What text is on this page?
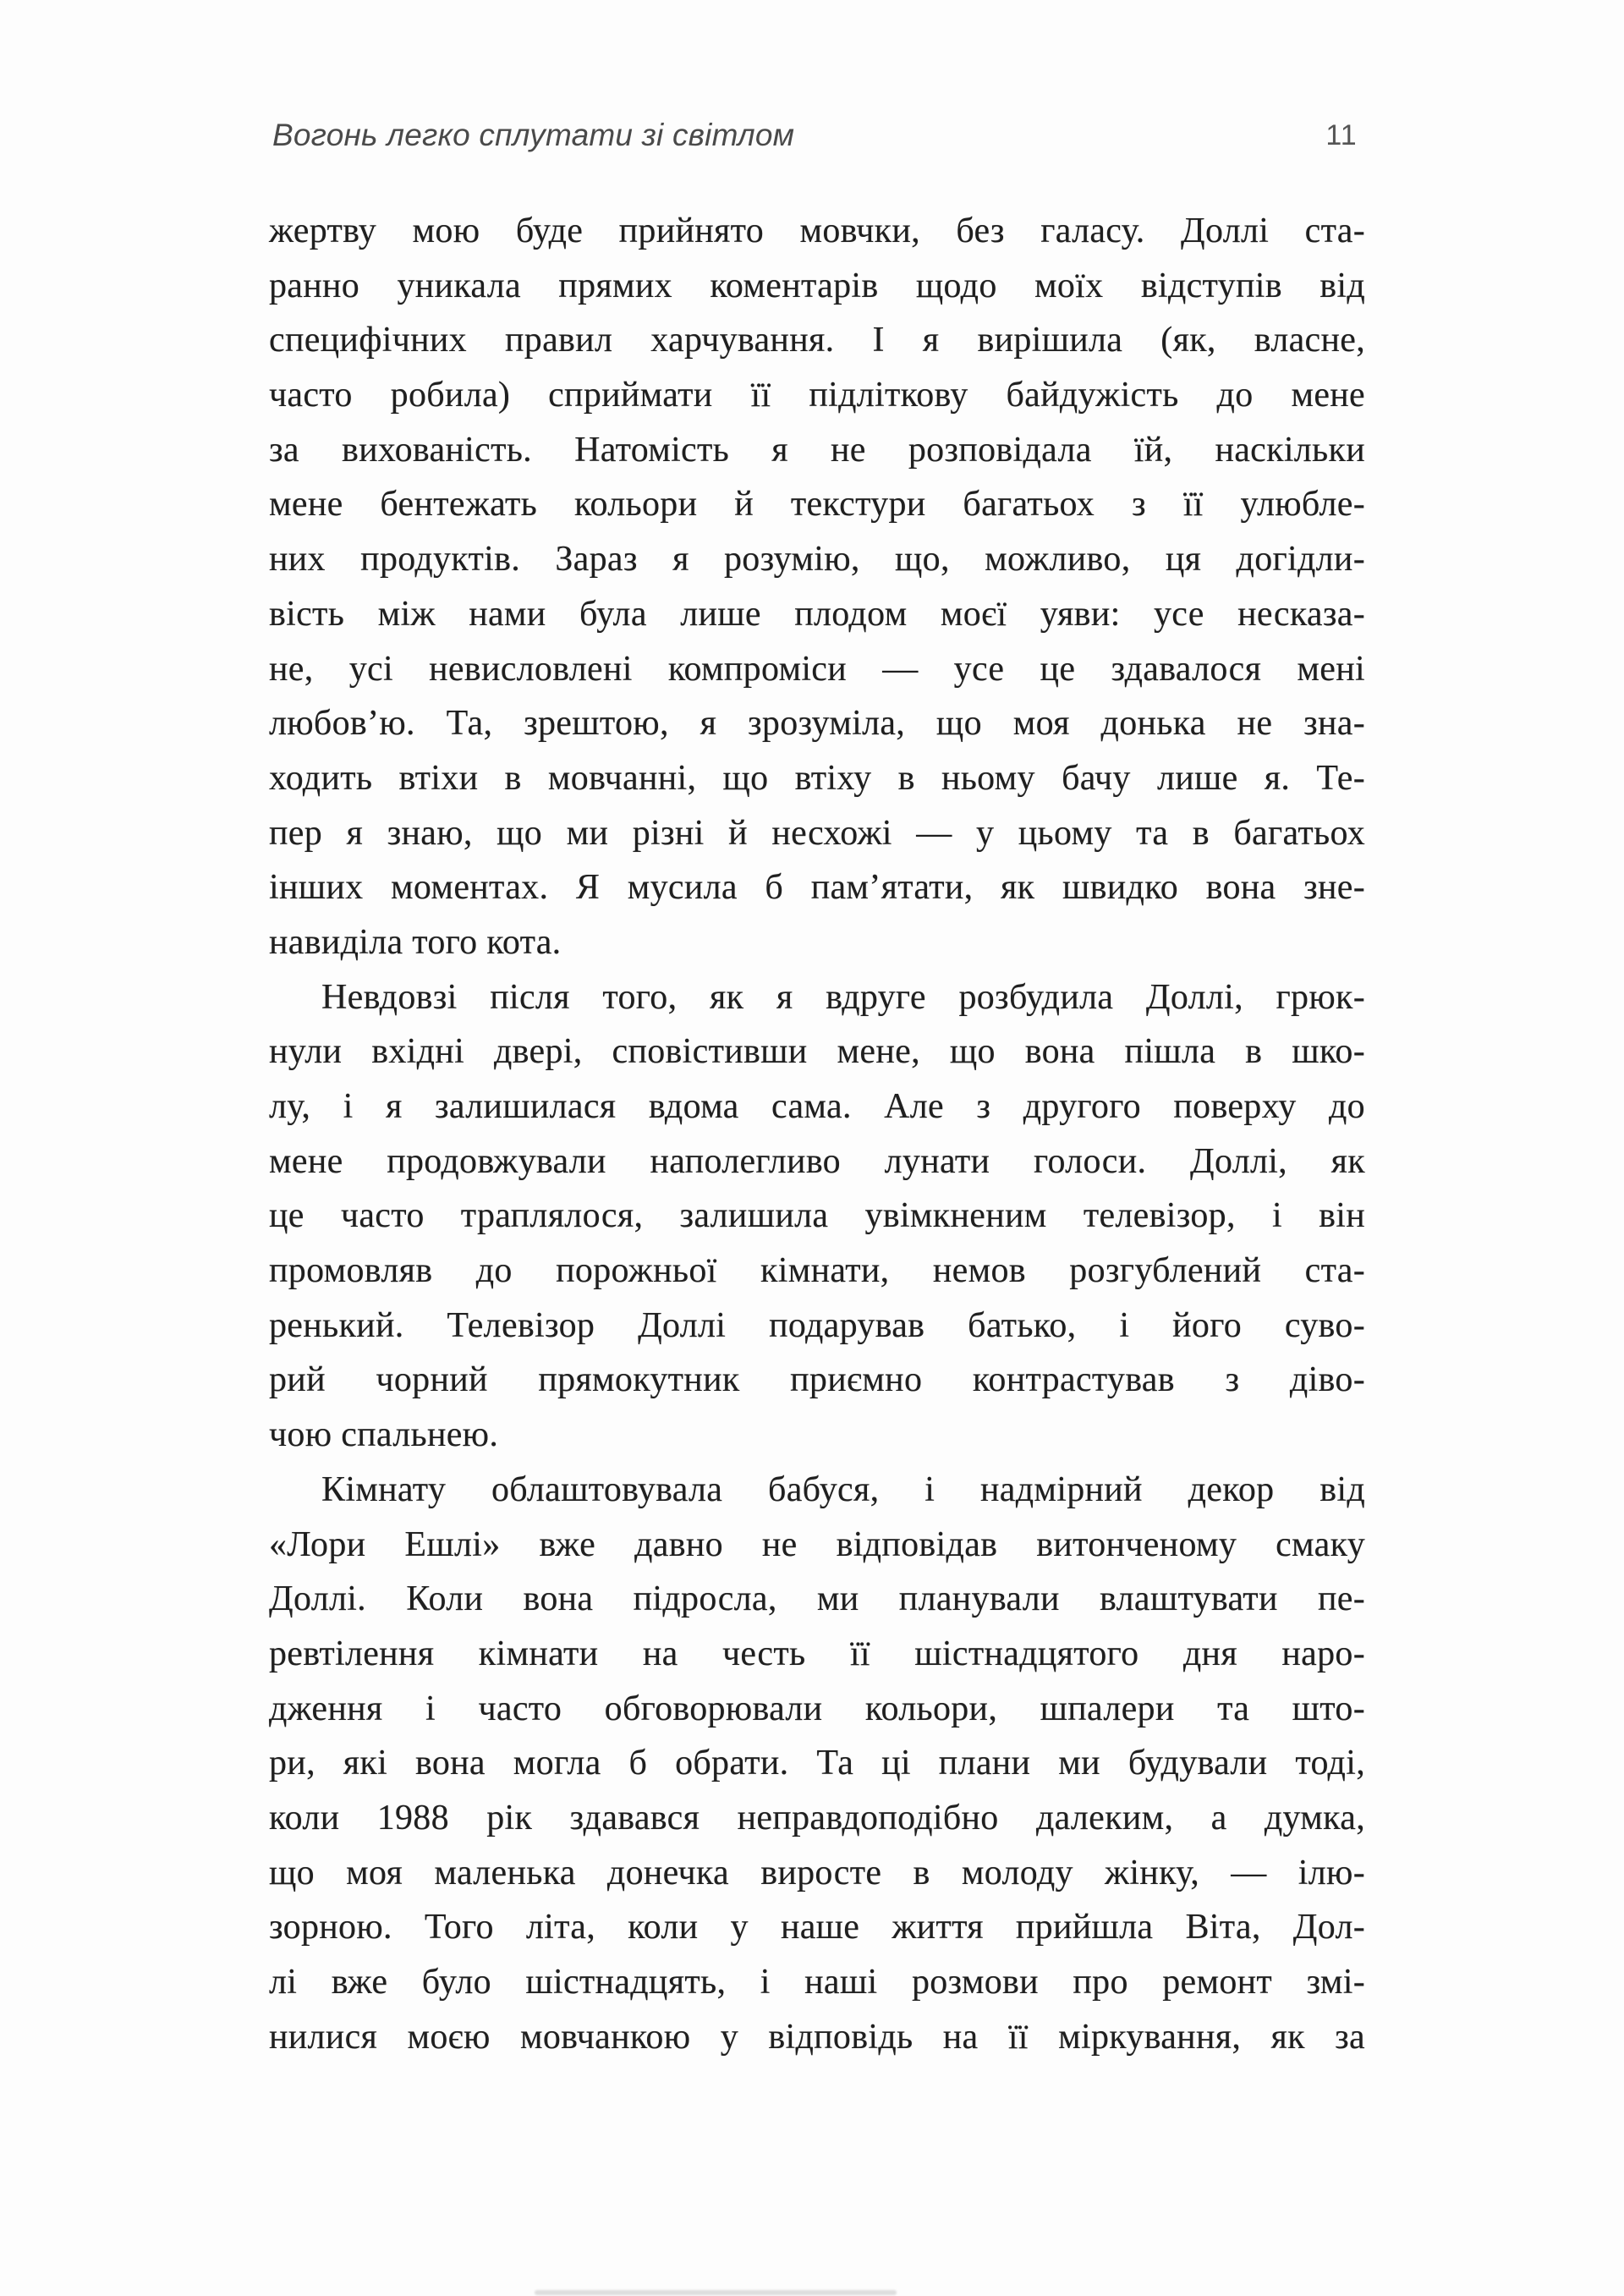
Вогонь легко сплутати зі світлом	11
жертву мою буде прийнято мовчки, без галасу. Доллі ста-
ранно уникала прямих коментарів щодо моїх відступів від
специфічних правил харчування. І я вирішила (як, власне,
часто робила) сприймати її підліткову байдужість до мене
за вихованість. Натомість я не розповідала їй, наскільки
мене бентежать кольори й текстури багатьох з її улюбле-
них продуктів. Зараз я розумію, що, можливо, ця догідли-
вість між нами була лише плодом моєї уяви: усе несказа-
не, усі невисловлені компроміси — усе це здавалося мені
любов’ю. Та, зрештою, я зрозуміла, що моя донька не зна-
ходить втіхи в мовчанні, що втіху в ньому бачу лише я. Те-
пер я знаю, що ми різні й несхожі — у цьому та в багатьох
інших моментах. Я мусила б пам’ятати, як швидко вона зне-
навиділа того кота.
Невдовзі після того, як я вдруге розбудила Доллі, грюк-
нули вхідні двері, сповістивши мене, що вона пішла в шко-
лу, і я залишилася вдома сама. Але з другого поверху до
мене продовжували наполегливо лунати голоси. Доллі, як
це часто траплялося, залишила увімкненим телевізор, і він
промовляв до порожньої кімнати, немов розгублений ста-
ренький. Телевізор Доллі подарував батько, і його суво-
рий чорний прямокутник приємно контрастував з діво-
чою спальнею.
Кімнату облаштовувала бабуся, і надмірний декор від
«Лори Ешлі» вже давно не відповідав витонченому смаку
Доллі. Коли вона підросла, ми планували влаштувати пе-
ревтілення кімнати на честь її шістнадцятого дня наро-
дження і часто обговорювали кольори, шпалери та што-
ри, які вона могла б обрати. Та ці плани ми будували тоді,
коли 1988 рік здавався неправдоподібно далеким, а думка,
що моя маленька донечка виросте в молоду жінку, — ілю-
зорною. Того літа, коли у наше життя прийшла Віта, Дол-
лі вже було шістнадцять, і наші розмови про ремонт змі-
нилися моєю мовчанкою у відповідь на її міркування, як за
